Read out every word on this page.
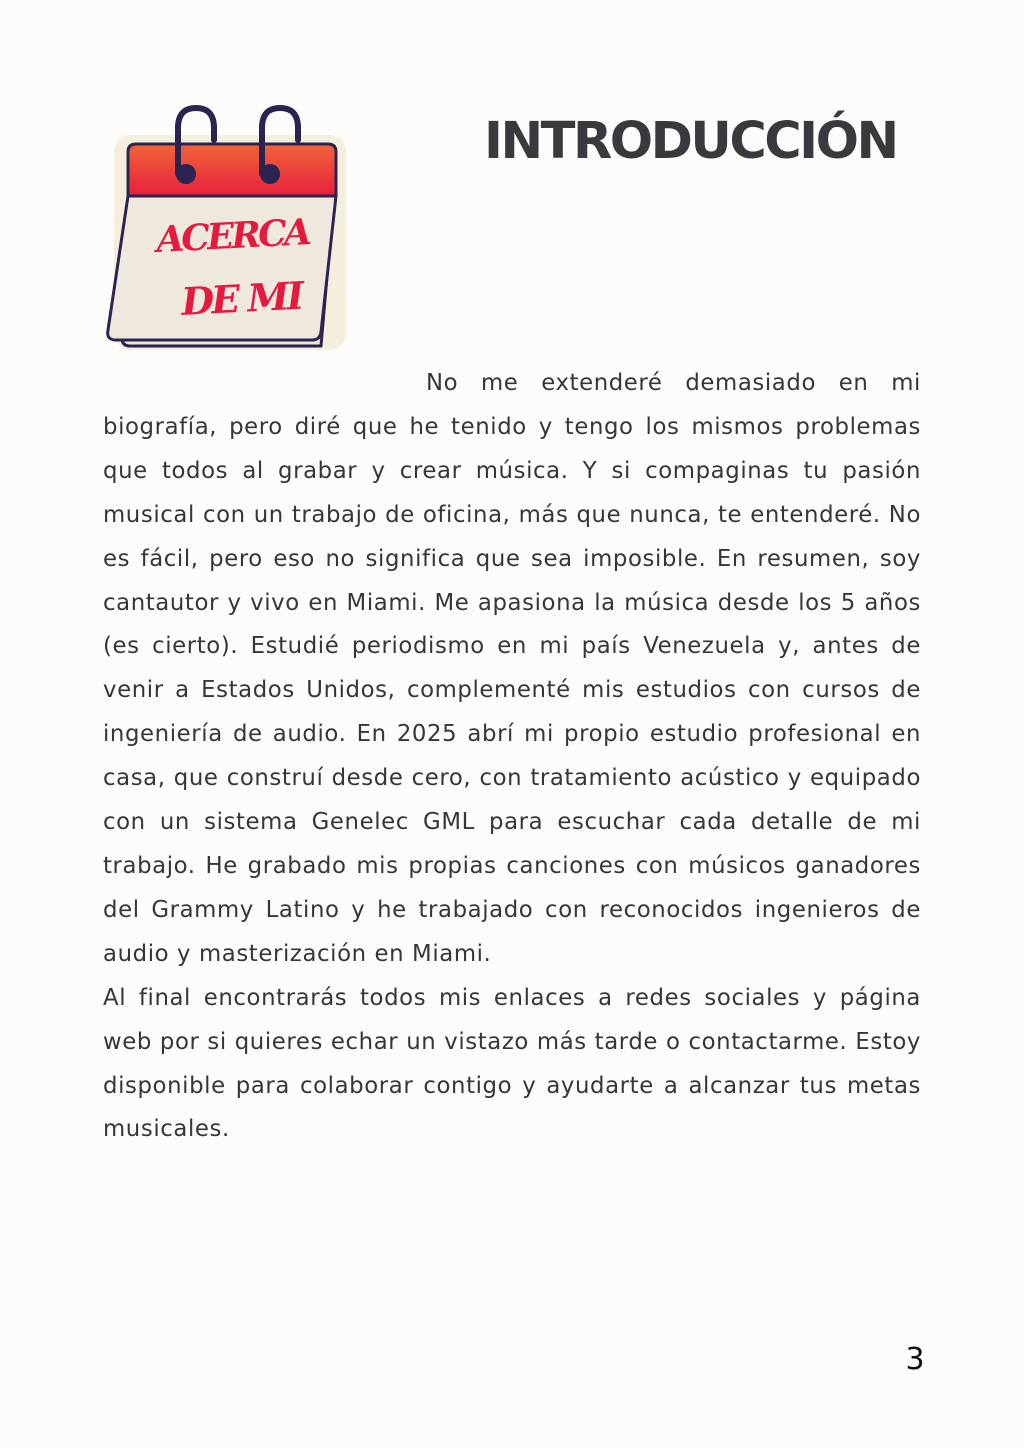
ACERCA
DE MI
INTRODUCCIÓN

No me extenderé demasiado en mi biografía, pero diré que he tenido y tengo los mismos problemas que todos al grabar y crear música. Y si compaginas tu pasión musical con un trabajo de oficina, más que nunca, te entenderé. No es fácil, pero eso no significa que sea imposible. En resumen, soy cantautor y vivo en Miami. Me apasiona la música desde los 5 años (es cierto). Estudié periodismo en mi país Venezuela y, antes de venir a Estados Unidos, complementé mis estudios con cursos de ingeniería de audio. En 2025 abrí mi propio estudio profesional en casa, que construí desde cero, con tratamiento acústico y equipado con un sistema Genelec GML para escuchar cada detalle de mi trabajo. He grabado mis propias canciones con músicos ganadores del Grammy Latino y he trabajado con reconocidos ingenieros de audio y masterización en Miami.

Al final encontrarás todos mis enlaces a redes sociales y página web por si quieres echar un vistazo más tarde o contactarme. Estoy disponible para colaborar contigo y ayudarte a alcanzar tus metas musicales.

3
